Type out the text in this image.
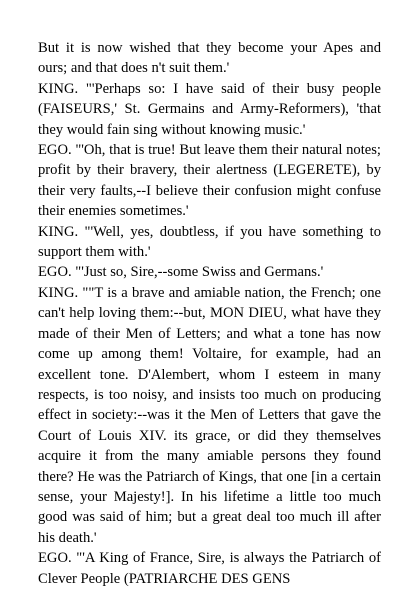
But it is now wished that they become your Apes and ours; and that does n't suit them.'

KING. "'Perhaps so: I have said of their busy people (FAISEURS,' St. Germains and Army-Reformers), 'that they would fain sing without knowing music.'

EGO. "'Oh, that is true! But leave them their natural notes; profit by their bravery, their alertness (LEGERETE), by their very faults,--I believe their confusion might confuse their enemies sometimes.'

KING. "'Well, yes, doubtless, if you have something to support them with.'

EGO. "'Just so, Sire,--some Swiss and Germans.'

KING. ""T is a brave and amiable nation, the French; one can't help loving them:--but, MON DIEU, what have they made of their Men of Letters; and what a tone has now come up among them! Voltaire, for example, had an excellent tone. D'Alembert, whom I esteem in many respects, is too noisy, and insists too much on producing effect in society:--was it the Men of Letters that gave the Court of Louis XIV. its grace, or did they themselves acquire it from the many amiable persons they found there? He was the Patriarch of Kings, that one [in a certain sense, your Majesty!]. In his lifetime a little too much good was said of him; but a great deal too much ill after his death.'

EGO. "'A King of France, Sire, is always the Patriarch of Clever People (PATRIARCHE DES GENS
